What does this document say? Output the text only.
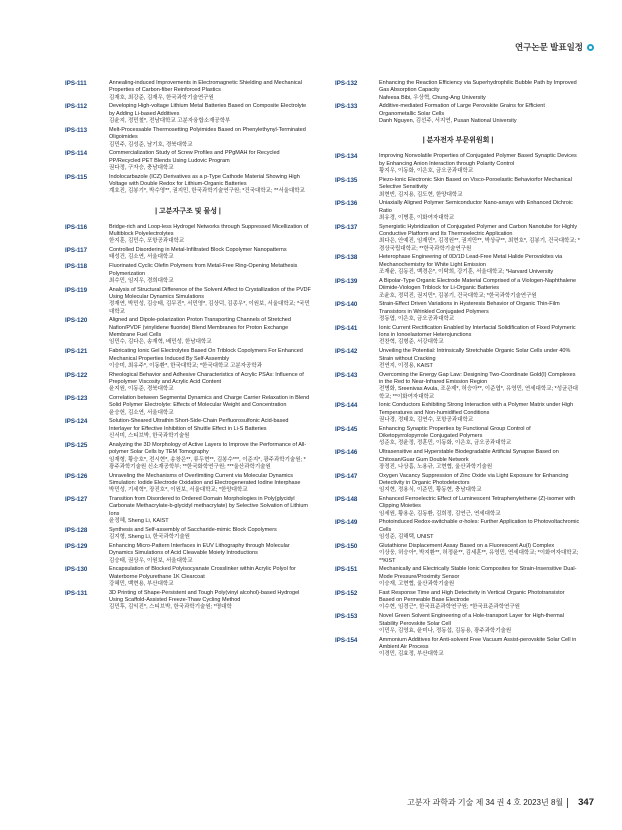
연구논문 발표일정
IPS-111	Annealing-induced Improvements in Electromagnetic Shielding and Mechanical Properties of Carbon-fiber Reinforced Plastics
김재호, 최강준, 김재우, 한국과학기술연구원
IPS-112	Developing High-voltage Lithium Metal Batteries Based on Composite Electrolyte by Adding Li-based Additives
김윤지, 정민철*, 전남대학교 고분자융합소재공학부
IPS-113	Melt-Processable Thermosetting Polyimides Based on Phenylethynyl-Terminated Oligoimides
김민주, 김성준, 남기호, 경북대학교
IPS-114	Commercialization Study of Screw Profiles and PPgMAH for Recycled PP/Recycled PET Blends Using Ludovic Program
권다정, 구자승, 충남대학교
IPS-115	Indolocarbazole (ICZ) Derivatives as a p-Type Cathode Material Showing High Voltage with Double Redox for Lithium-Organic Batteries
계호진, 김봉기*, 박수영**, 권지민, 한국과학기술연구원; *건국대학교; **서울대학교
| 고분자구조 및 물성 |
IPS-116	Bridge-rich and Loop-less Hydrogel Networks through Suppressed Micellization of Multiblock Polyelectrolytes
한지훈, 김민수, 포항공과대학교
IPS-117	Controlled Disordering in Metal-Infiltrated Block Copolymer Nanopatterns
태성건, 김소연, 서울대학교
IPS-118	Fluorinated Cyclic Olefin Polymers from Metal-Free Ring-Opening Metathesis Polymerization
최수민, 임지우, 경희대학교
IPS-119	Analysis of Structural Difference of the Solvent Affect to Crystallization of the PVDF Using Molecular Dynamics Simulations
정재연, 박민성, 김승태, 김무진*, 서민영*, 김상덕, 김종우*, 이원보, 서울대학교; *국민대학교
IPS-120	Aligned and Dipole-polarization Proton Transporting Channels of Stretched Nafion/PVDF (vinylidene fluoride) Blend Membranes for Proton Exchange Membrane Fuel Cells
임민수, 김다은, 송재혁, 배민성, 한남대학교
IPS-121	Fabricating Ionic Gel Electrolytes Based On Triblock Copolymers For Enhanced Mechanical Properties Induced By Self-Assembly
이승미, 최유주*, 이동환*, 한국대학교; *한국대학교 고분자공학과
IPS-122	Rheological Behavior and Adhesive Characteristics of Acrylic PSAs: Influence of Prepolymer Viscosity and Acrylic Acid Content
윤지원, 이동준, 경북대학교
IPS-123	Correlation between Segmental Dynamics and Charge Carrier Relaxation in Blend Solid Polymer Electrolyte: Effects of Molecular Weight and Concentration
윤승헌, 김소연, 서울대학교
IPS-124	Solution-Sheared Ultrathin Short-Side-Chain Perfluorosulfonic Acid-based Interlayer for Effective Inhibition of Shuttle Effect in Li-S Batteries
신서미, 스티브박, 한국과학기술원
IPS-125	Analyzing the 3D Morphology of Active Layers to Improve the Performance of All-polymer Solar Cells by TEM Tomography
임재형, 황승호*, 전시현*, 송창은**, 류두현**, 김봉수***, 이준지*, 광주과학기술원; *광주과학기술원 신소재공학부; **한국화학연구원; ***울산과학기술원
IPS-126	Unraveling the Mechanisms of Overlimiting Current via Molecular Dynamics Simulation: Iodide Electrode Oxidation and Electrogenerated Iodine Interphase
박민성, 기세혁*, 장진호*, 이원보, 서울대학교; *한양대학교
IPS-127	Transition from Disordered to Ordered Domain Morphologies in Poly(glycidyl Carbonate Methacrylate-b-glycidyl methacrylate) by Selective Solvation of Lithium Ions
윤정혜, Sheng Li, KAIST
IPS-128	Synthesis and Self-assembly of Saccharide-mimic Block Copolymers
김지형, Sheng Li, 한국과학기술원
IPS-129	Enhancing Micro-Pattern Interfaces in EUV Lithography through Molecular Dynamics Simulations of Acid Cleavable Moiety Introductions
김승태, 권상우, 이원보, 서울대학교
IPS-130	Encapsulation of Blocked Polyisocyanate Crosslinker within Acrylic Polyol for Waterborne Polyurethane 1K Clearcoat
강혜민, 백현용, 부산대학교
IPS-131	3D Printing of Shape-Persistent and Tough Poly(vinyl alcohol)-based Hydrogel Using Scaffold-Assisted Freeze-Thaw Cycling Method
김민후, 김익진*, 스티브박, 한국과학기술원; *명대학
IPS-132	Enhancing the Reaction Efficiency via Superhydrophilic Bubble Path by Improved Gas Absorption Capacity
Nafeesa Bibi, 우상혁, Chung-Ang University
IPS-133	Additive-mediated Formation of Large Perovskite Grains for Efficient Organometallic Solar Cells
Danh Nguyen, 김선주, 서지연, Pusan National University
| 분자전자 부문위원회 |
IPS-134	Improving Nonvolatile Properties of Conjugated Polymer Based Synaptic Devices by Enhancing Anion Interaction through Polarity Control
황지우, 이동화, 이은호, 금오공과대학교
IPS-135	Piezo-Ionic Electronic Skin Based on Visco-Poroelastic Behaviorfor Mechanical Selective Sensitivity
최현빈, 김지용, 김도현, 한양대학교
IPS-136	Uniaxially Aligned Polymer Semiconductor Nano-arrays with Enhanced Dichroic Ratio
최유경, 이병훈, 이화여자대학교
IPS-137	Synergistic Hybridization of Conjugated Polymer and Carbon Nanotube for Highly Conductive Platform and Its Thermoelectric Application
최다은, 안예진, 임재민*, 김정원**, 권지만**, 박상규**, 최현호*, 김봉기, 건국대학교; *경상국립대학교; **한국과학기술연구원
IPS-138	Heterophase Engineering of 0D/1D Lead-Free Metal Halide Perovskites via Mechanochemistry for White Light Emission
조재윤, 김동진, 백경은*, 이탁희, 강기훈, 서울대학교; *Harvard University
IPS-139	A Bipolar-Type Organic Electrode Material Comprised of a Viologen-Naphthalene Diimide-Viologen Triblock for Li-Organic Batteries
조윤호, 정덕진, 권지민*, 김봉기, 건국대학교; *한국과학기술연구원
IPS-140	Strain-Effect Driven Variations in Hysteresis Behavior of Organic Thin-Film Transistors in Wrinkled Conjugated Polymers
정동엽, 이은호, 금오공과대학교
IPS-141	Ionic Current Rectification Enabled by Interfacial Solidification of Fixed Polymeric Ions in Ionoelastomer Heterojunctions
전찬혁, 김형준, 서강대학교
IPS-142	Unveiling the Potential: Intrinsically Stretchable Organic Solar Cells under 40% Strain without Cracking
전연지, 이정용, KAIST
IPS-143	Overcoming the Energy Gap Law: Designing Two-Coordinate Gold(I) Complexes in the Red to Near-Infrared Emission Region
전병화, Sreenivas Avula, 조운제*, 허승아**, 이준엽*, 유영민, 연세대학교; *성균관대학교; **이화여자대학교
IPS-144	Ionic Conductors Exhibiting Strong Interaction with a Polymer Matrix under High Temperatures and Non-humidified Conditions
권나경, 정태호, 김연수, 포항공과대학교
IPS-145	Enhancing Synaptic Properties by Functional Group Control of Diketopyrrolopyrrole Conjugated Polymers
성준호, 정윤정, 정훈민, 이동화, 이은호, 금오공과대학교
IPS-146	Ultrasensitive and Hyperstable Biodegradable Artificial Synapse Based on Chitosan/Guar Gum Double Network
장정진, 나상흠, 노용규, 고현협, 울산과학기술원
IPS-147	Oxygen Vacancy Suppression of Zinc Oxide via Light Exposure for Enhancing Detectivity in Organic Photodetectors
임지현, 정용식, 이준민, 황동현, 충남대학교
IPS-148	Enhanced Ferroelectric Effect of Luminescent Tetraphenylethene (Z)-isomer with Clipping Moieties
임세원, 황용운, 김동환, 김희정, 김연근, 연세대학교
IPS-149	Photoinduced Redox-switchable σ-holes: Further Application to Photovoltachromic Cells
임성준, 김해택, UNIST
IPS-150	Glutathione Displacement Assay Based on a Fluorescent Au(I) Complex
이상웅, 허승아*, 박지환**, 허정윤**, 김세훈**, 유영민, 연세대학교; *이화여자대학교; **KIST
IPS-151	Mechanically and Electrically Stable Ionic Composites for Strain-Insensitive Dual-Mode Pressure/Proximity Sensor
이승재, 고현협, 울산과학기술원
IPS-152	Fast Response Time and High Detectivity in Vertical Organic Phototransistor Based on Permeable Base Electrode
이수현, 임경근*, 한국표준과학연구원; *한국표준과학연구원
IPS-153	Novel Green Solvent Engineering of a Hole-transport Layer for High-thermal Stability Perovskite Solar Cell
이민우, 김영효, 윤미나, 정동섭, 김동용, 광주과학기술원
IPS-154	Ammonium Additives for Anti-solvent Free Vacuum Assist-perovskite Solar Cell in Ambient Air Process
이경민, 김효정, 부산대학교
고분자 과학과 기술 제 34 권 4 호 2023년 8월 347
